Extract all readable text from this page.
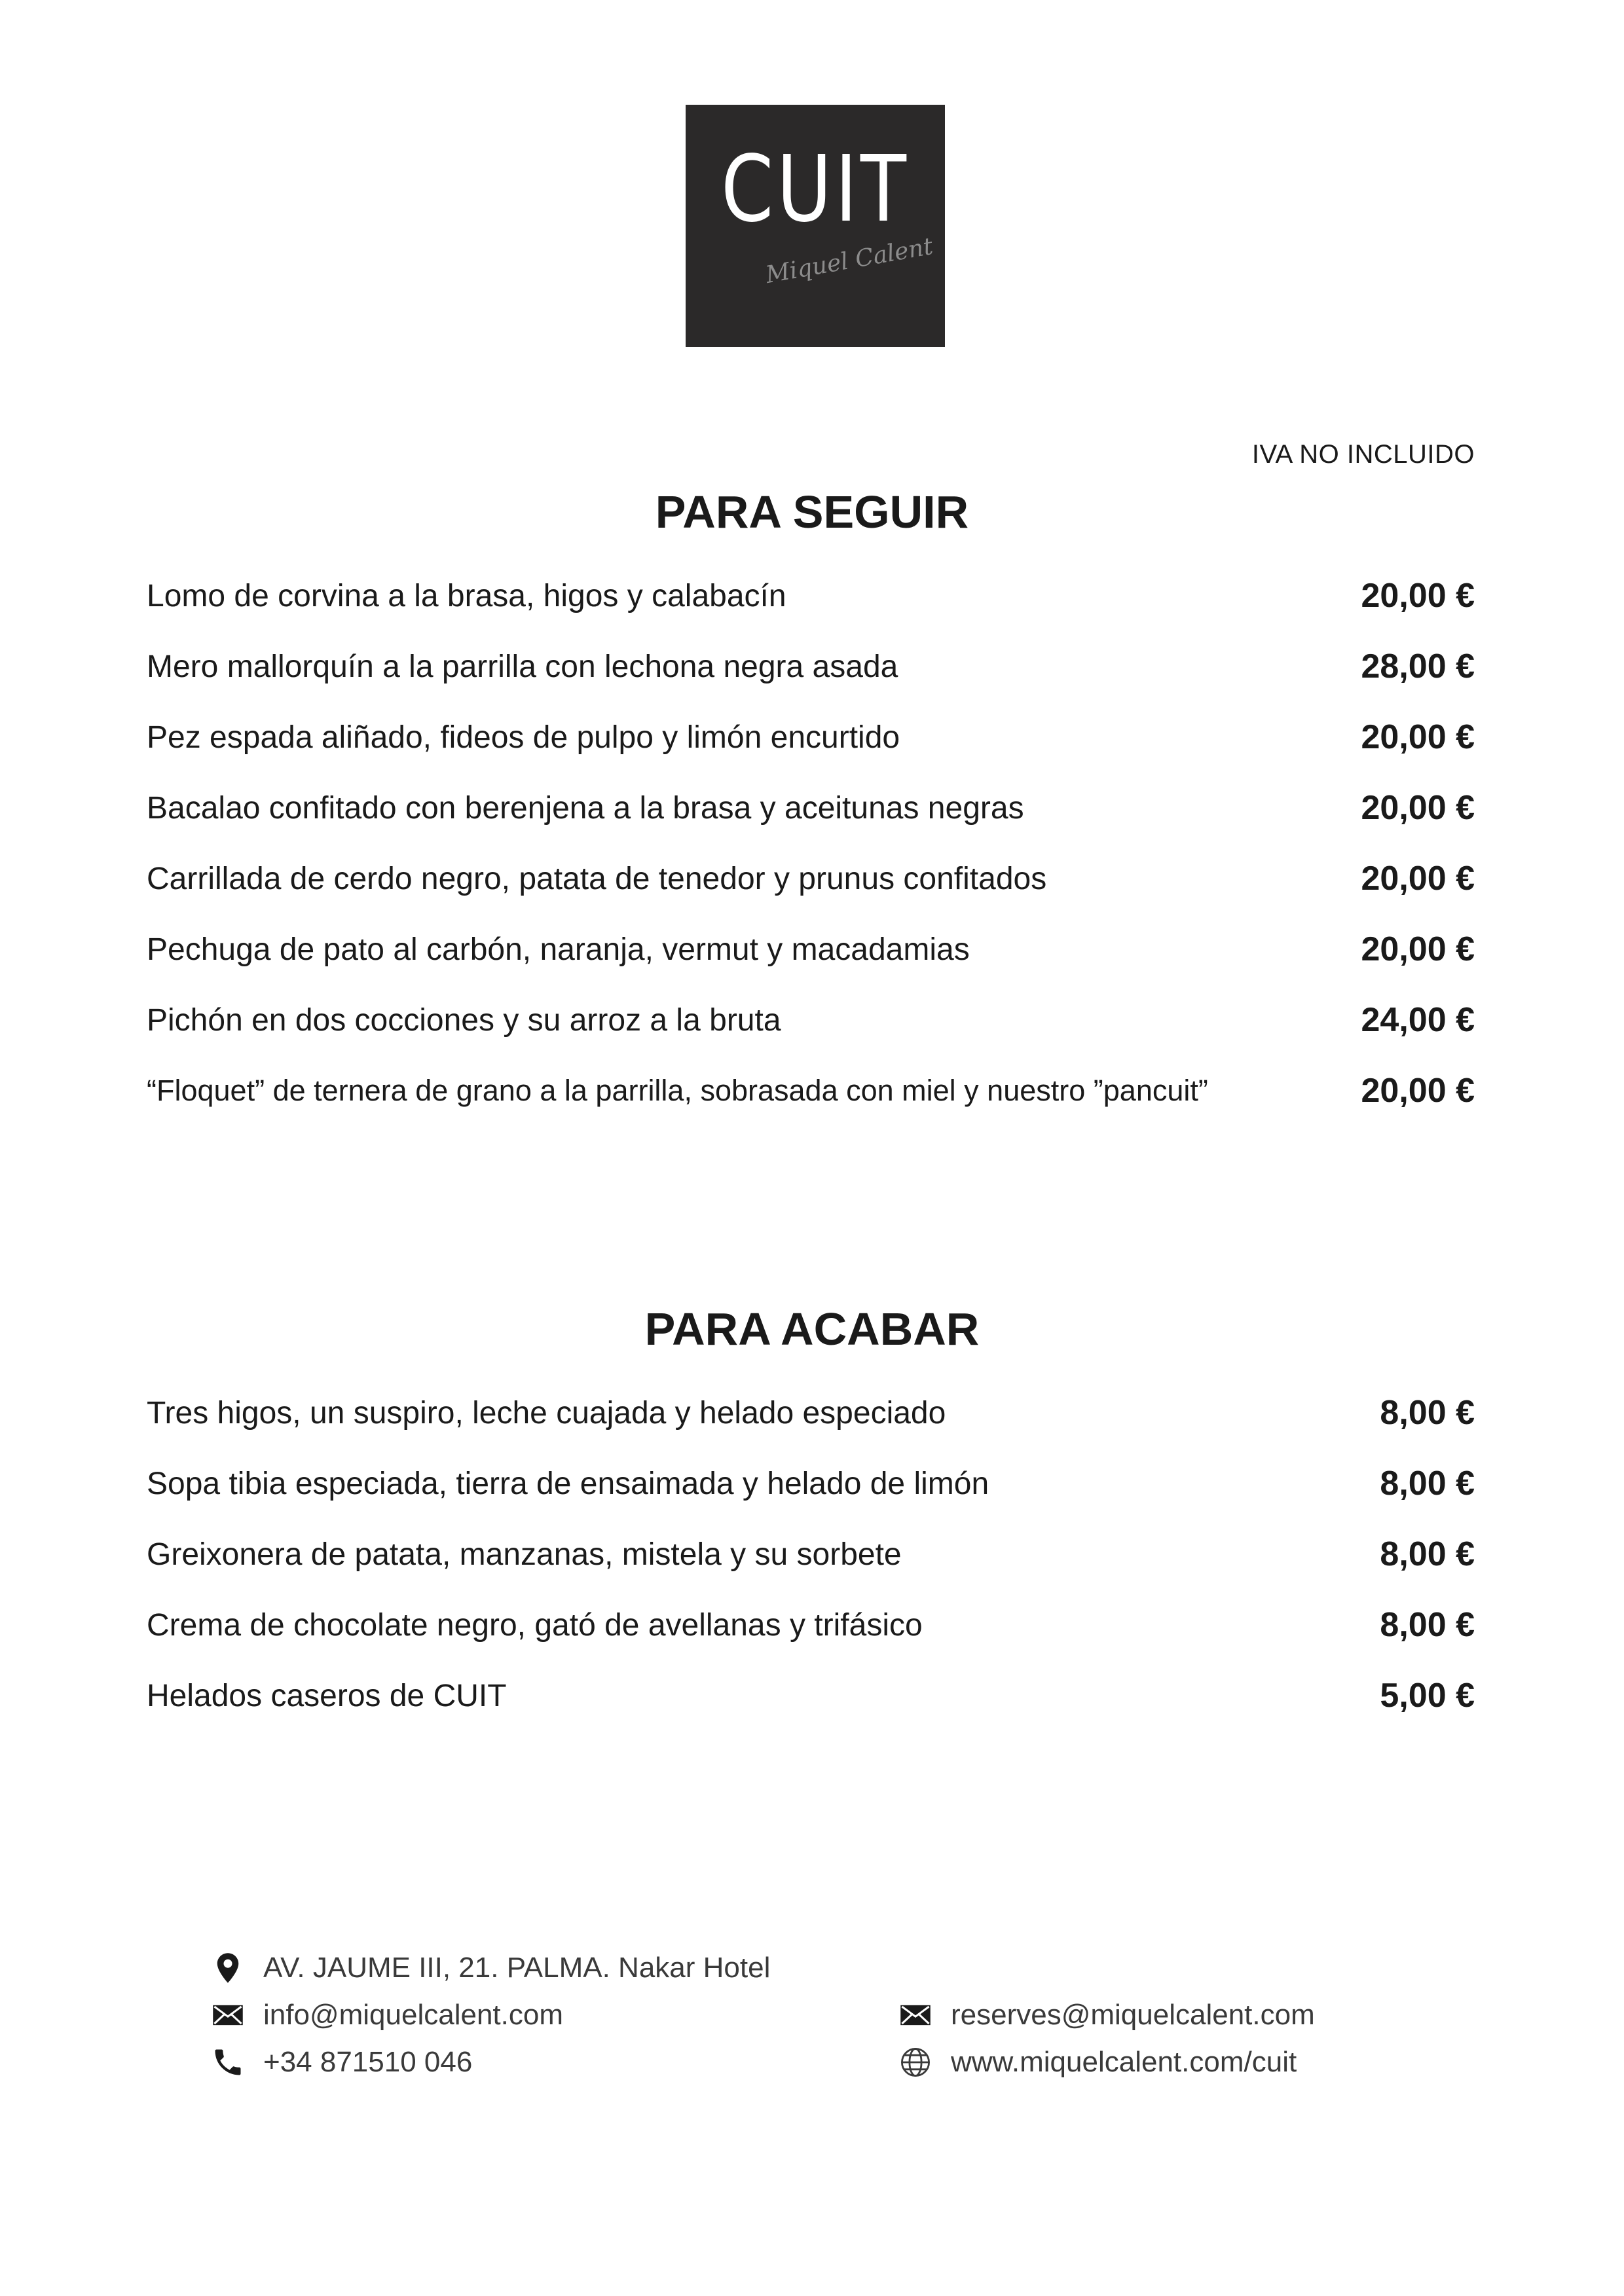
CUIT
Miquel Calent
IVA NO INCLUIDO
PARA SEGUIR
Lomo de corvina a la brasa, higos y calabacín	20,00 €
Mero mallorquín a la parrilla con lechona negra asada	28,00 €
Pez espada aliñado, fideos de pulpo y limón encurtido	20,00 €
Bacalao confitado con berenjena a la brasa y aceitunas negras	20,00 €
Carrillada de cerdo negro, patata de tenedor y prunus confitados	20,00 €
Pechuga de pato al carbón, naranja, vermut y macadamias	20,00 €
Pichón en dos cocciones y su arroz a la bruta	24,00 €
“Floquet” de ternera de grano a la parrilla, sobrasada con miel y nuestro ”pancuit”	20,00 €
PARA ACABAR
Tres higos, un suspiro, leche cuajada y helado especiado	8,00 €
Sopa tibia especiada, tierra de ensaimada y helado de limón	8,00 €
Greixonera de patata, manzanas, mistela y su sorbete	8,00 €
Crema de chocolate negro, gató de avellanas y trifásico	8,00 €
Helados caseros de CUIT	5,00 €
AV. JAUME III, 21. PALMA. Nakar Hotel
info@miquelcalent.com
+34 871510 046
reserves@miquelcalent.com
www.miquelcalent.com/cuit
